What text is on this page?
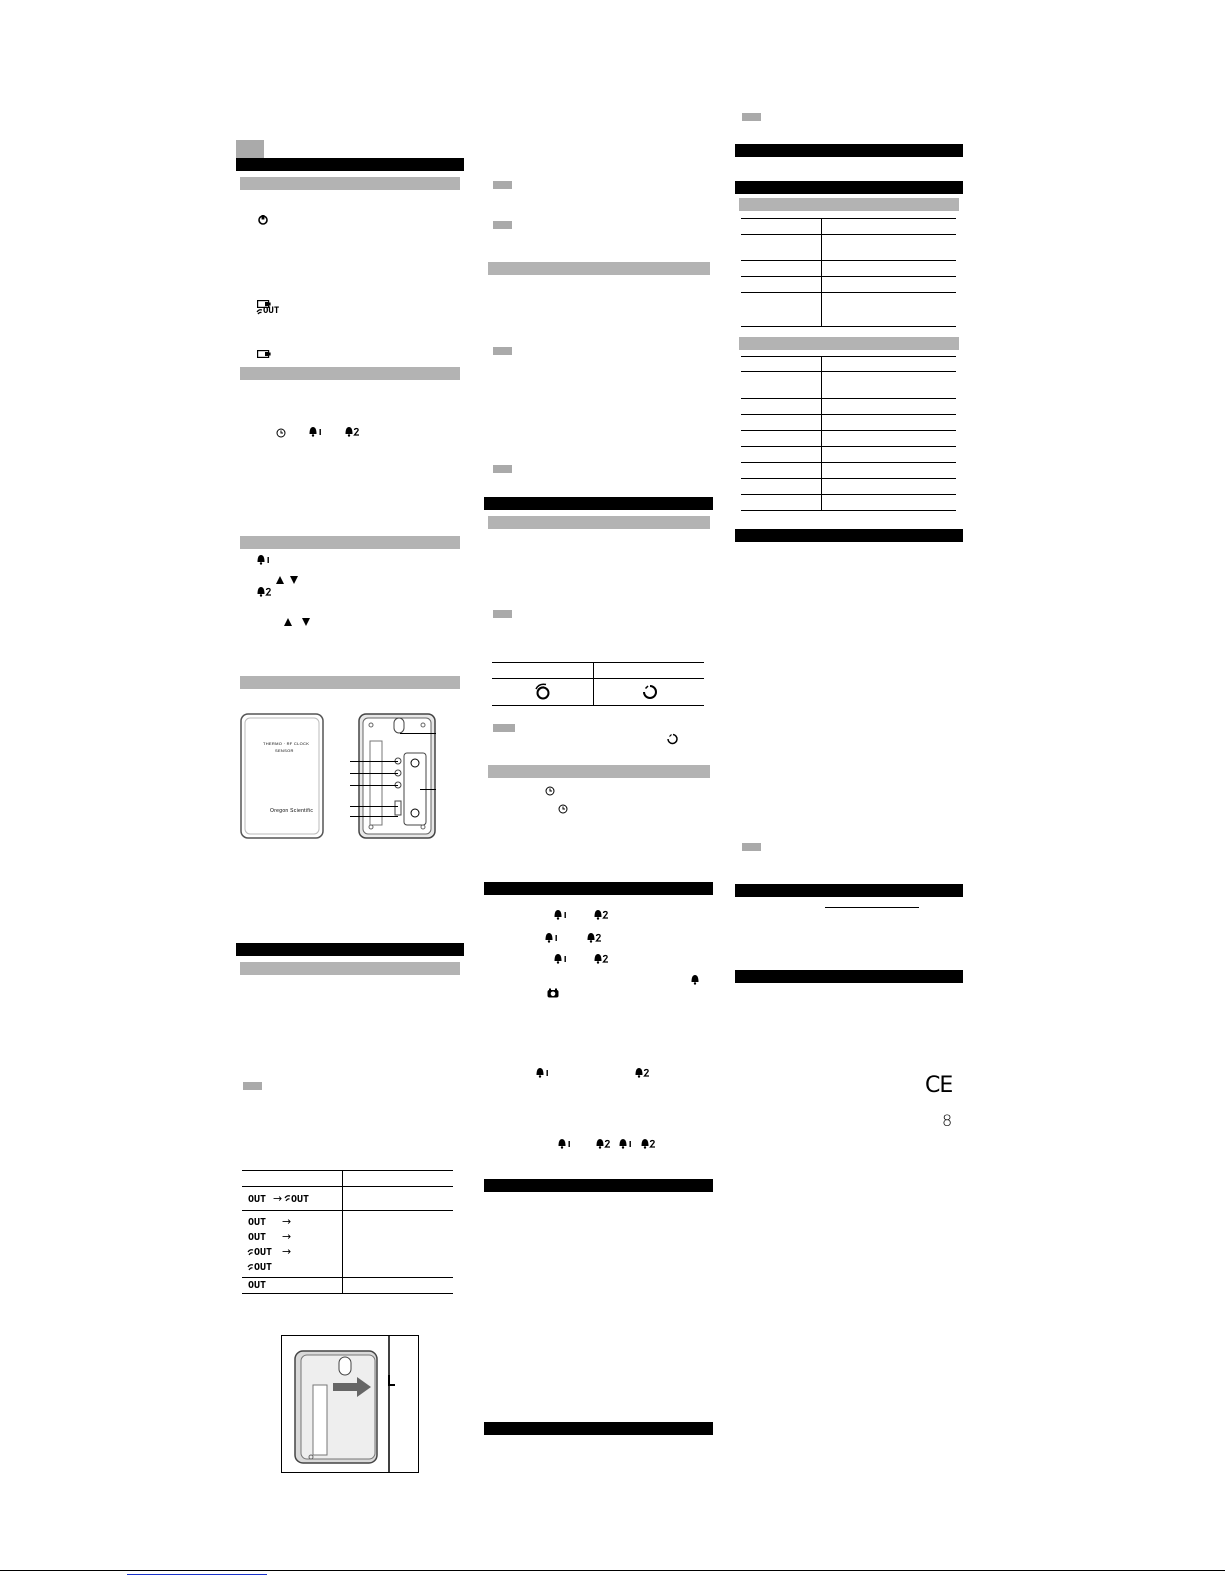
OUT
THERMO · RF CLOCK
SENSOR
Oregon Scientific
OUT → OUT
OUT →
OUT →
OUT →
OUT
OUT
CE
8
